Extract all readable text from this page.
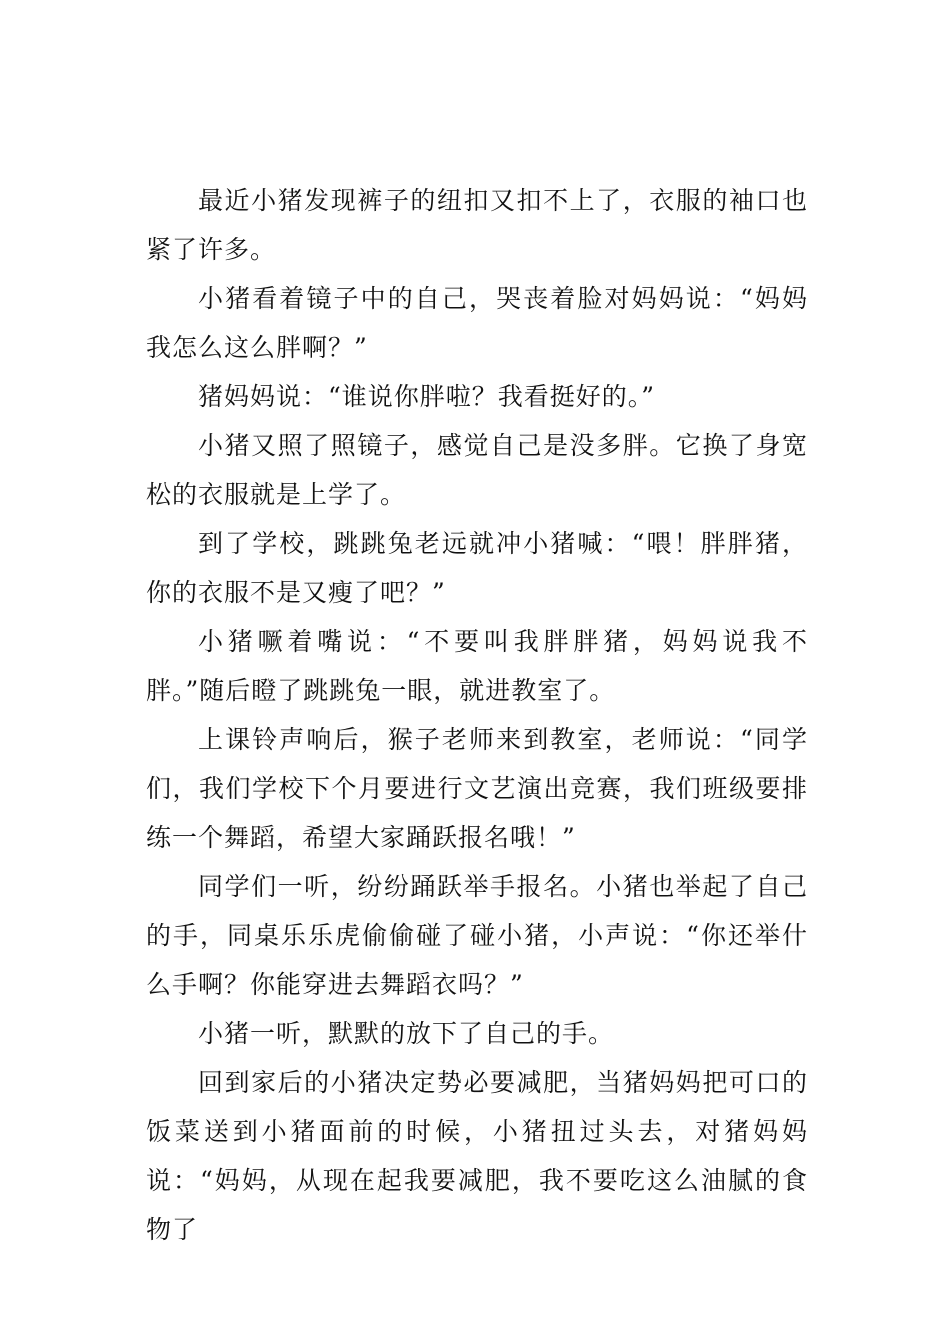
最近小猪发现裤子的纽扣又扣不上了，衣服的袖口也紧了许多。

小猪看着镜子中的自己，哭丧着脸对妈妈说：“妈妈我怎么这么胖啊？”

猪妈妈说：“谁说你胖啦？我看挺好的。”

小猪又照了照镜子，感觉自己是没多胖。它换了身宽松的衣服就是上学了。

到了学校，跳跳兔老远就冲小猪喊：“喂！胖胖猪，你的衣服不是又瘦了吧？”

小猪噘着嘴说：“不要叫我胖胖猪，妈妈说我不胖。”随后瞪了跳跳兔一眼，就进教室了。

上课铃声响后，猴子老师来到教室，老师说：“同学们，我们学校下个月要进行文艺演出竞赛，我们班级要排练一个舞蹈，希望大家踊跃报名哦！”

同学们一听，纷纷踊跃举手报名。小猪也举起了自己的手，同桌乐乐虎偷偷碰了碰小猪，小声说：“你还举什么手啊？你能穿进去舞蹈衣吗？”

小猪一听，默默的放下了自己的手。

回到家后的小猪决定势必要减肥，当猪妈妈把可口的饭菜送到小猪面前的时候，小猪扭过头去，对猪妈妈说：“妈妈，从现在起我要减肥，我不要吃这么油腻的食物了
